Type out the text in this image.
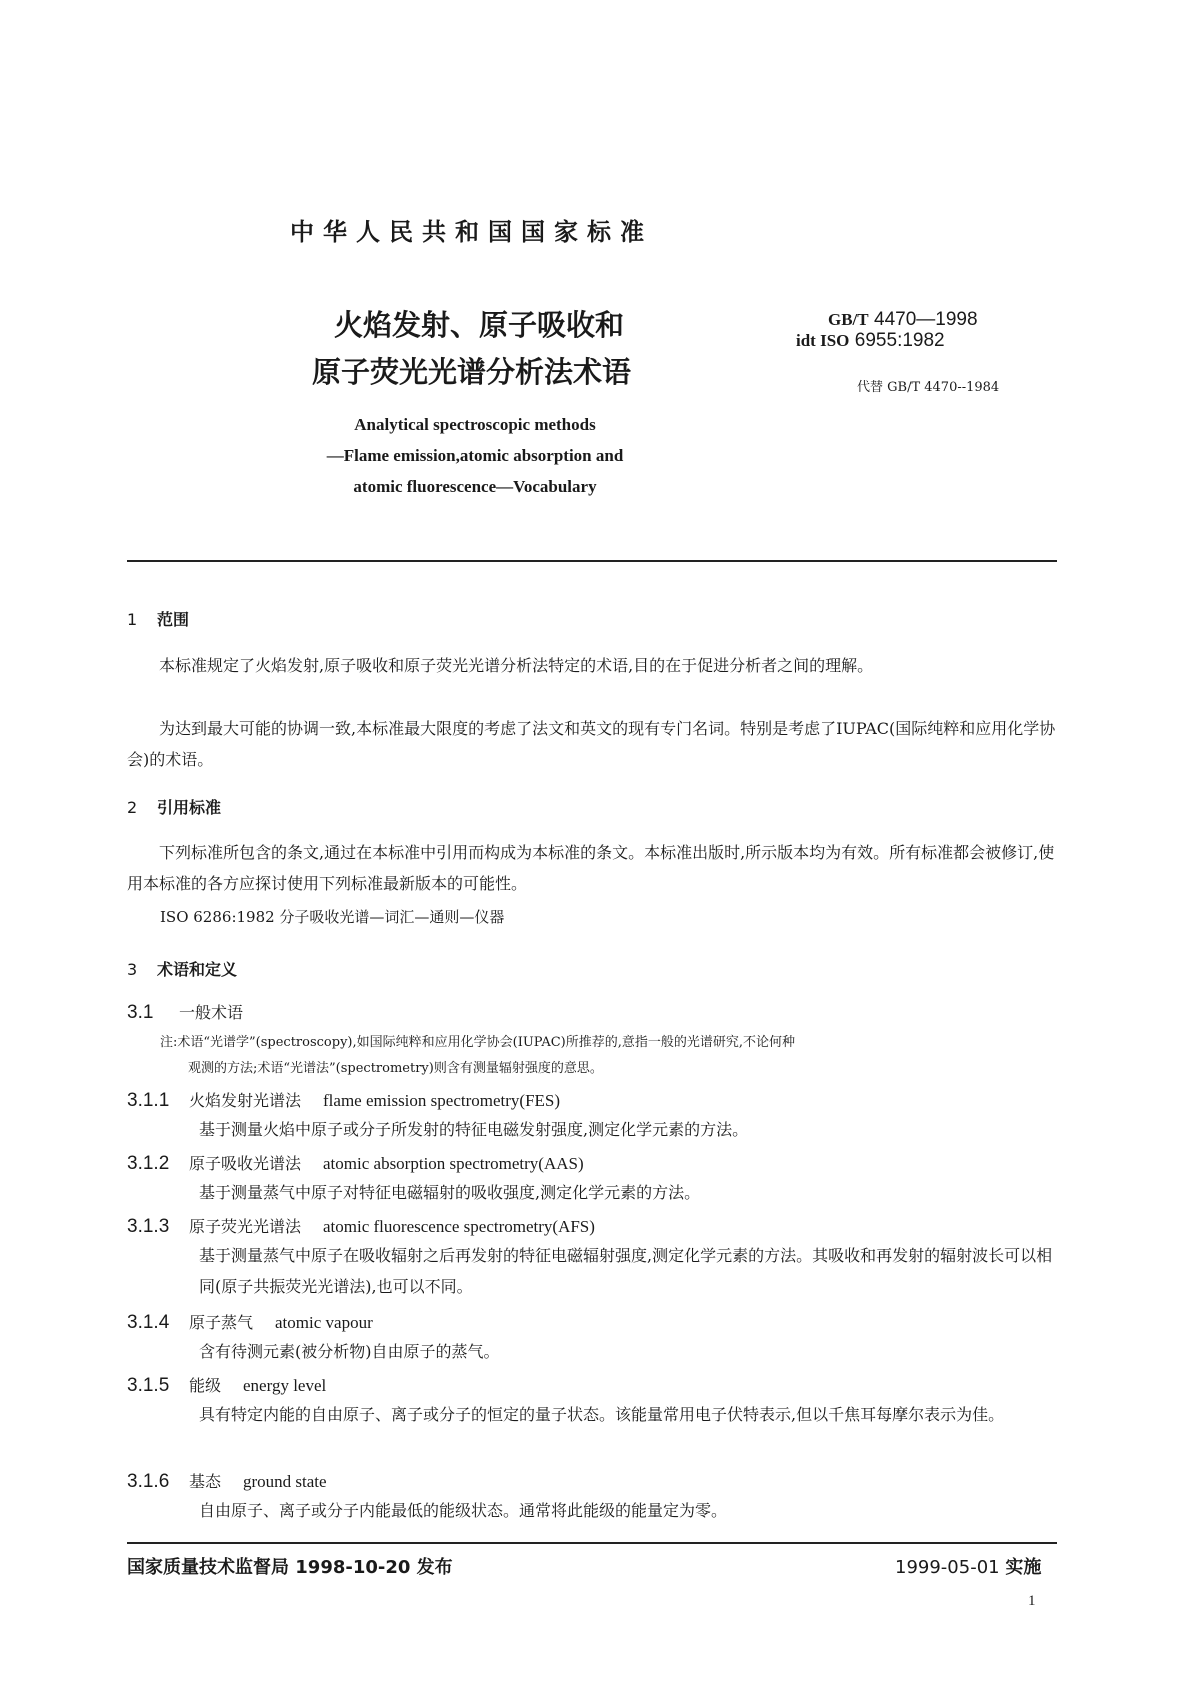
中华人民共和国国家标准
火焰发射、原子吸收和
原子荧光光谱分析法术语
GB/T 4470—1998
idt ISO 6955:1982
代替 GB/T 4470--1984
Analytical spectroscopic methods
—Flame emission,atomic absorption and
atomic fluorescence—Vocabulary
1 范围
本标准规定了火焰发射,原子吸收和原子荧光光谱分析法特定的术语,目的在于促进分析者之间的理解。
为达到最大可能的协调一致,本标准最大限度的考虑了法文和英文的现有专门名词。特别是考虑了IUPAC(国际纯粹和应用化学协会)的术语。
2 引用标准
下列标准所包含的条文,通过在本标准中引用而构成为本标准的条文。本标准出版时,所示版本均为有效。所有标准都会被修订,使用本标准的各方应探讨使用下列标准最新版本的可能性。
ISO 6286:1982 分子吸收光谱—词汇—通则—仪器
3 术语和定义
3.1 一般术语
注:术语“光谱学”(spectroscopy),如国际纯粹和应用化学协会(IUPAC)所推荐的,意指一般的光谱研究,不论何种
观测的方法;术语“光谱法”(spectrometry)则含有测量辐射强度的意思。
3.1.1 火焰发射光谱法 flame emission spectrometry(FES)
基于测量火焰中原子或分子所发射的特征电磁发射强度,测定化学元素的方法。
3.1.2 原子吸收光谱法 atomic absorption spectrometry(AAS)
基于测量蒸气中原子对特征电磁辐射的吸收强度,测定化学元素的方法。
3.1.3 原子荧光光谱法 atomic fluorescence spectrometry(AFS)
基于测量蒸气中原子在吸收辐射之后再发射的特征电磁辐射强度,测定化学元素的方法。其吸收和再发射的辐射波长可以相同(原子共振荧光光谱法),也可以不同。
3.1.4 原子蒸气 atomic vapour
含有待测元素(被分析物)自由原子的蒸气。
3.1.5 能级 energy level
具有特定内能的自由原子、离子或分子的恒定的量子状态。该能量常用电子伏特表示,但以千焦耳每摩尔表示为佳。
3.1.6 基态 ground state
自由原子、离子或分子内能最低的能级状态。通常将此能级的能量定为零。
国家质量技术监督局 1998-10-20 发布	1999-05-01 实施
1
